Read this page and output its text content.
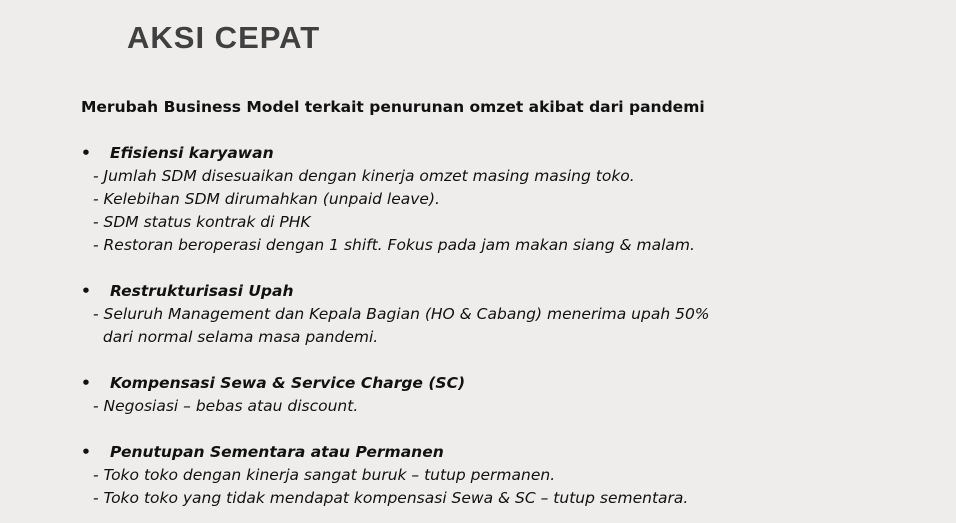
AKSI CEPAT

Merubah Business Model terkait penurunan omzet akibat dari pandemi

•	Efisiensi karyawan

- Jumlah SDM disesuaikan dengan kinerja omzet masing masing toko.

- Kelebihan SDM dirumahkan (unpaid leave).

- SDM status kontrak di PHK

- Restoran beroperasi dengan 1 shift. Fokus pada jam makan siang & malam.

•	Restrukturisasi Upah

- Seluruh Management dan Kepala Bagian (HO & Cabang) menerima upah 50%

dari normal selama masa pandemi.

•	Kompensasi Sewa & Service Charge (SC)

- Negosiasi – bebas atau discount.

•	Penutupan Sementara atau Permanen

- Toko toko dengan kinerja sangat buruk – tutup permanen.

- Toko toko yang tidak mendapat kompensasi Sewa & SC – tutup sementara.
